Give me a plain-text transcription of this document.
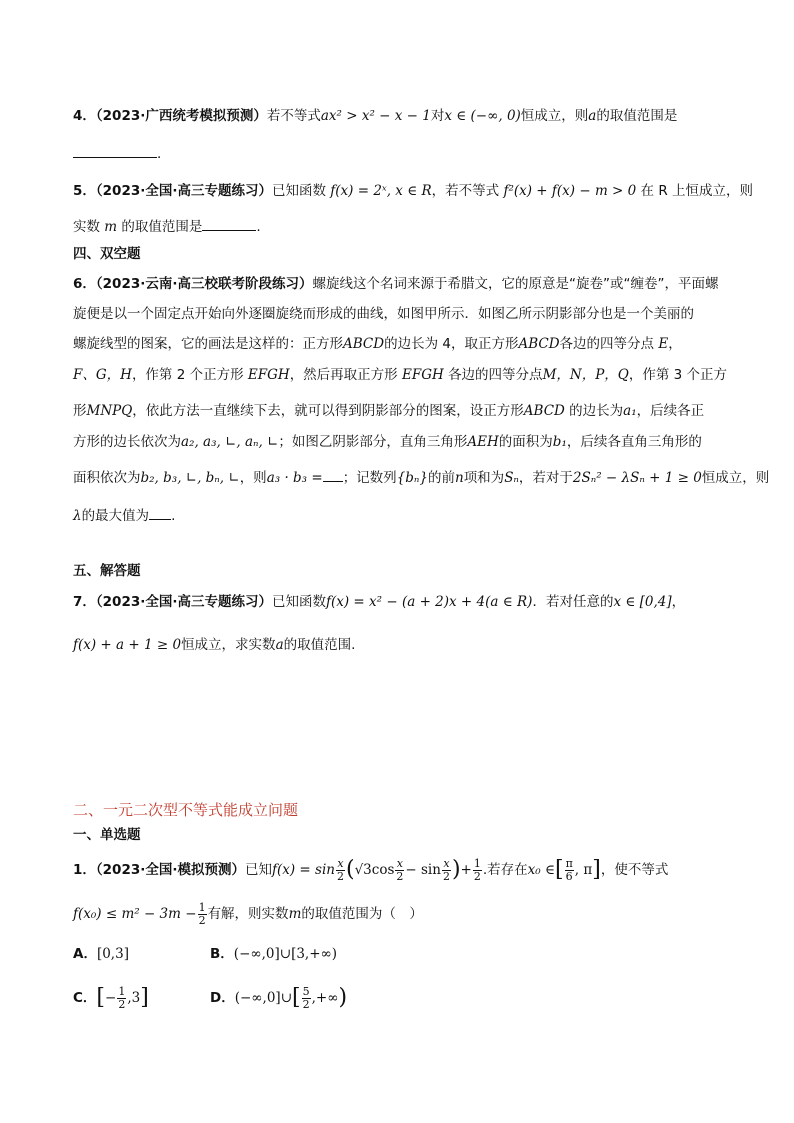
4．（2023·广西统考模拟预测）若不等式ax² > x² − x − 1对x ∈ (−∞, 0)恒成立，则a的取值范围是
.
5．（2023·全国·高三专题练习）已知函数 f(x) = 2ˣ, x ∈ R，若不等式 f²(x) + f(x) − m > 0 在 R 上恒成立，则
实数 m 的取值范围是	.
四、双空题
6．（2023·云南·高三校联考阶段练习）螺旋线这个名词来源于希腊文，它的原意是“旋卷”或“缠卷”，平面螺
旋便是以一个固定点开始向外逐圈旋绕而形成的曲线，如图甲所示．如图乙所示阴影部分也是一个美丽的
螺旋线型的图案，它的画法是这样的：正方形ABCD的边长为 4，取正方形ABCD各边的四等分点 E，
F、G，H，作第 2 个正方形 EFGH，然后再取正方形 EFGH 各边的四等分点M，N，P，Q，作第 3 个正方
形MNPQ，依此方法一直继续下去，就可以得到阴影部分的图案，设正方形ABCD 的边长为a₁，后续各正
方形的边长依次为a₂, a₃, ∟, aₙ, ∟；如图乙阴影部分，直角三角形AEH的面积为b₁，后续各直角三角形的
面积依次为b₂, b₃, ∟, bₙ, ∟，则a₃ · b₃ = ；记数列{bₙ}的前n项和为Sₙ，若对于2Sₙ² − λSₙ + 1 ≥ 0恒成立，则
λ的最大值为 .
五、解答题
7．（2023·全国·高三专题练习）已知函数f(x) = x² − (a + 2)x + 4(a ∈ R)．若对任意的x ∈ [0,4]，
f(x) + a + 1 ≥ 0恒成立，求实数a的取值范围.
二、一元二次型不等式能成立问题
一、单选题
1．（2023·全国·模拟预测）已知$f(x) = \sin \frac{x}{2} (√3\cos \frac{x}{2} - \sin \frac{x}{2}$ )+ $\frac{1}{2}$ .若存在x₀ ∈[ $\frac{\pi}{6}$ , π]，使不等式
$f(x_0) \le m^2 - 3m - \frac{1}{2}$ 有解，则实数m的取值范围为（　）
A．[0,3]	B．(−∞,0]∪[3,+∞)
C．[− $\frac{1}{2} ,3$]	D．(−∞,0]∪[ $\frac{5}{2}$ ,+∞)
